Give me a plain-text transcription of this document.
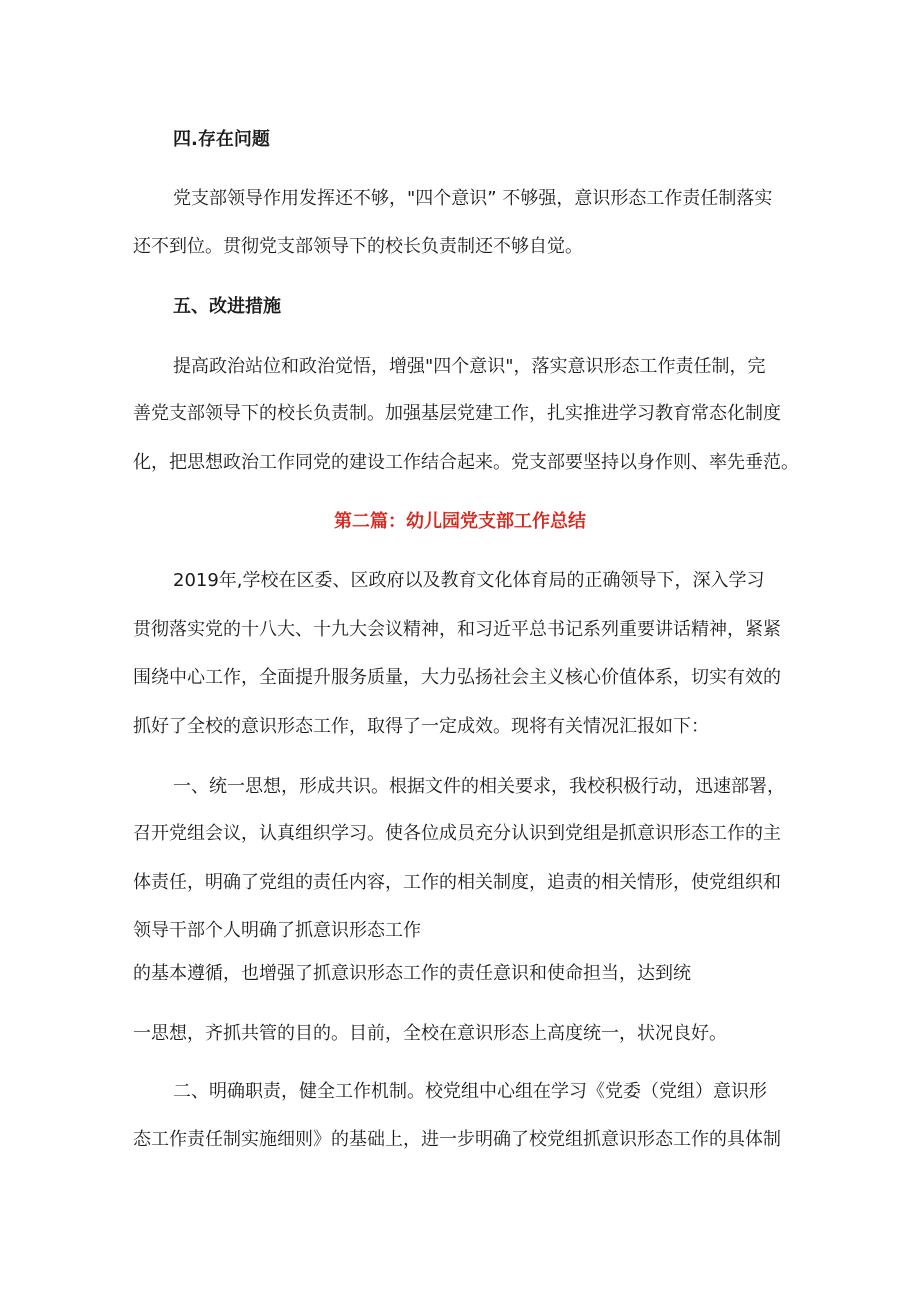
四.存在问题
党支部领导作用发挥还不够，"四个意识” 不够强，意识形态工作责任制落实
还不到位。贯彻党支部领导下的校长负责制还不够自觉。
五、改进措施
提高政治站位和政治觉悟，增强"四个意识"，落实意识形态工作责任制，完
善党支部领导下的校长负责制。加强基层党建工作，扎实推进学习教育常态化制度
化，把思想政治工作同党的建设工作结合起来。党支部要坚持以身作则、率先垂范。
第二篇：幼儿园党支部工作总结
2019年,学校在区委、区政府以及教育文化体育局的正确领导下，深入学习
贯彻落实党的十八大、十九大会议精神，和习近平总书记系列重要讲话精神，紧紧
围绕中心工作，全面提升服务质量，大力弘扬社会主义核心价值体系，切实有效的
抓好了全校的意识形态工作，取得了一定成效。现将有关情况汇报如下：
一、统一思想，形成共识。根据文件的相关要求，我校积极行动，迅速部署，
召开党组会议，认真组织学习。使各位成员充分认识到党组是抓意识形态工作的主
体责任，明确了党组的责任内容，工作的相关制度，追责的相关情形，使党组织和
领导干部个人明确了抓意识形态工作
的基本遵循，也增强了抓意识形态工作的责任意识和使命担当，达到统
一思想，齐抓共管的目的。目前，全校在意识形态上高度统一，状况良好。
二、明确职责，健全工作机制。校党组中心组在学习《党委（党组）意识形
态工作责任制实施细则》的基础上，进一步明确了校党组抓意识形态工作的具体制
